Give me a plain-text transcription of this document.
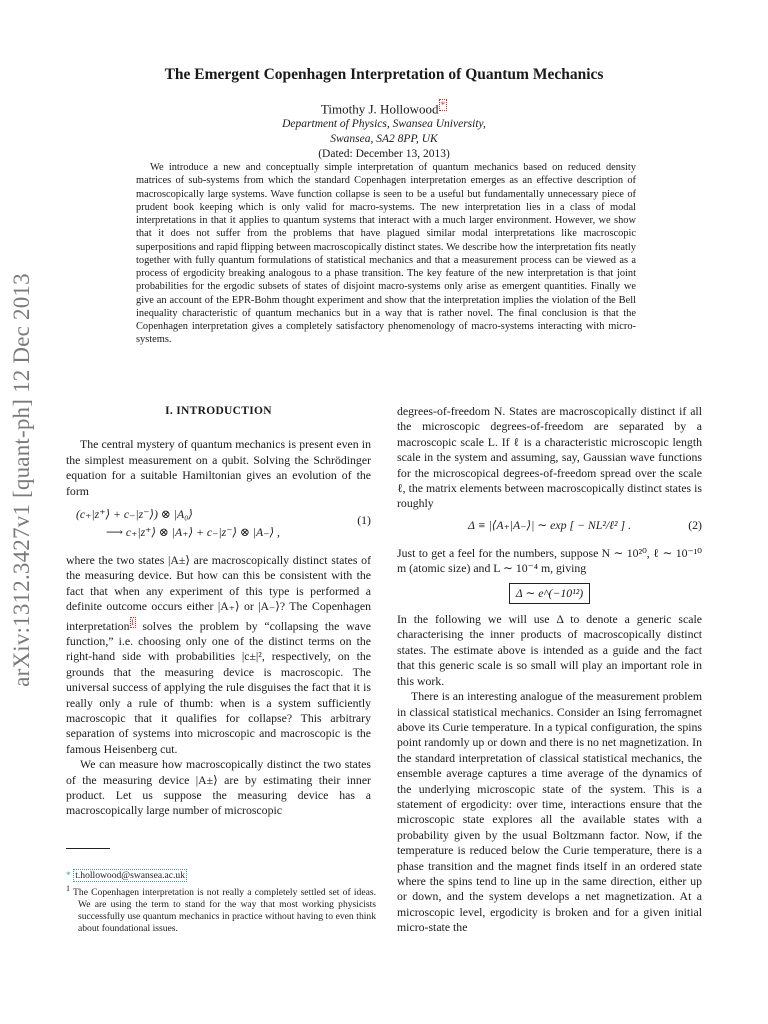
arXiv:1312.3427v1 [quant-ph] 12 Dec 2013
The Emergent Copenhagen Interpretation of Quantum Mechanics
Timothy J. Hollowood *
Department of Physics, Swansea University,
Swansea, SA2 8PP, UK
(Dated: December 13, 2013)
We introduce a new and conceptually simple interpretation of quantum mechanics based on reduced density matrices of sub-systems from which the standard Copenhagen interpretation emerges as an effective description of macroscopically large systems. Wave function collapse is seen to be a useful but fundamentally unnecessary piece of prudent book keeping which is only valid for macro-systems. The new interpretation lies in a class of modal interpretations in that it applies to quantum systems that interact with a much larger environment. However, we show that it does not suffer from the problems that have plagued similar modal interpretations like macroscopic superpositions and rapid flipping between macroscopically distinct states. We describe how the interpretation fits neatly together with fully quantum formulations of statistical mechanics and that a measurement process can be viewed as a process of ergodicity breaking analogous to a phase transition. The key feature of the new interpretation is that joint probabilities for the ergodic subsets of states of disjoint macro-systems only arise as emergent quantities. Finally we give an account of the EPR-Bohm thought experiment and show that the interpretation implies the violation of the Bell inequality characteristic of quantum mechanics but in a way that is rather novel. The final conclusion is that the Copenhagen interpretation gives a completely satisfactory phenomenology of macro-systems interacting with micro-systems.
I. INTRODUCTION

The central mystery of quantum mechanics is present even in the simplest measurement on a qubit. Solving the Schrödinger equation for a suitable Hamiltonian gives an evolution of the form

(c₊|z⁺⟩ + c₋|z⁻⟩) ⊗ |A₀⟩
⟶ c₊|z⁺⟩ ⊗ |A₊⟩ + c₋|z⁻⟩ ⊗ |A₋⟩ ,
(1)

where the two states |A±⟩ are macroscopically distinct states of the measuring device. But how can this be consistent with the fact that when any experiment of this type is performed a definite outcome occurs either |A₊⟩ or |A₋⟩? The Copenhagen interpretation$^1$ solves the problem by “collapsing the wave function,” i.e. choosing only one of the distinct terms on the right-hand side with probabilities |c±|², respectively, on the grounds that the measuring device is macroscopic. The universal success of applying the rule disguises the fact that it is really only a rule of thumb: when is a system sufficiently macroscopic that it qualifies for collapse? This arbitrary separation of systems into microscopic and macroscopic is the famous Heisenberg cut.

We can measure how macroscopically distinct the two states of the measuring device |A±⟩ are by estimating their inner product. Let us suppose the measuring device has a macroscopically large number of microscopic

* t.hollowood@swansea.ac.uk
$^1$ The Copenhagen interpretation is not really a completely settled set of ideas. We are using the term to stand for the way that most working physicists successfully use quantum mechanics in practice without having to even think about foundational issues.

degrees-of-freedom N. States are macroscopically distinct if all the microscopic degrees-of-freedom are separated by a macroscopic scale L. If ℓ is a characteristic microscopic length scale in the system and assuming, say, Gaussian wave functions for the microscopical degrees-of-freedom spread over the scale ℓ, the matrix elements between macroscopically distinct states is roughly

Δ ≡ |⟨A₊|A₋⟩| ∼ exp [ − NL²/ℓ² ] .	(2)

Just to get a feel for the numbers, suppose N ∼ 10²⁰, ℓ ∼ 10⁻¹⁰ m (atomic size) and L ∼ 10⁻⁴ m, giving

Δ ∼ e^(−10¹²)

In the following we will use Δ to denote a generic scale characterising the inner products of macroscopically distinct states. The estimate above is intended as a guide and the fact that this generic scale is so small will play an important role in this work.

There is an interesting analogue of the measurement problem in classical statistical mechanics. Consider an Ising ferromagnet above its Curie temperature. In a typical configuration, the spins point randomly up or down and there is no net magnetization. In the standard interpretation of classical statistical mechanics, the ensemble average captures a time average of the dynamics of the underlying microscopic state of the system. This is a statement of ergodicity: over time, interactions ensure that the microscopic state explores all the available states with a probability given by the usual Boltzmann factor. Now, if the temperature is reduced below the Curie temperature, there is a phase transition and the magnet finds itself in an ordered state where the spins tend to line up in the same direction, either up or down, and the system develops a net magnetization. At a microscopic level, ergodicity is broken and for a given initial micro-state the
